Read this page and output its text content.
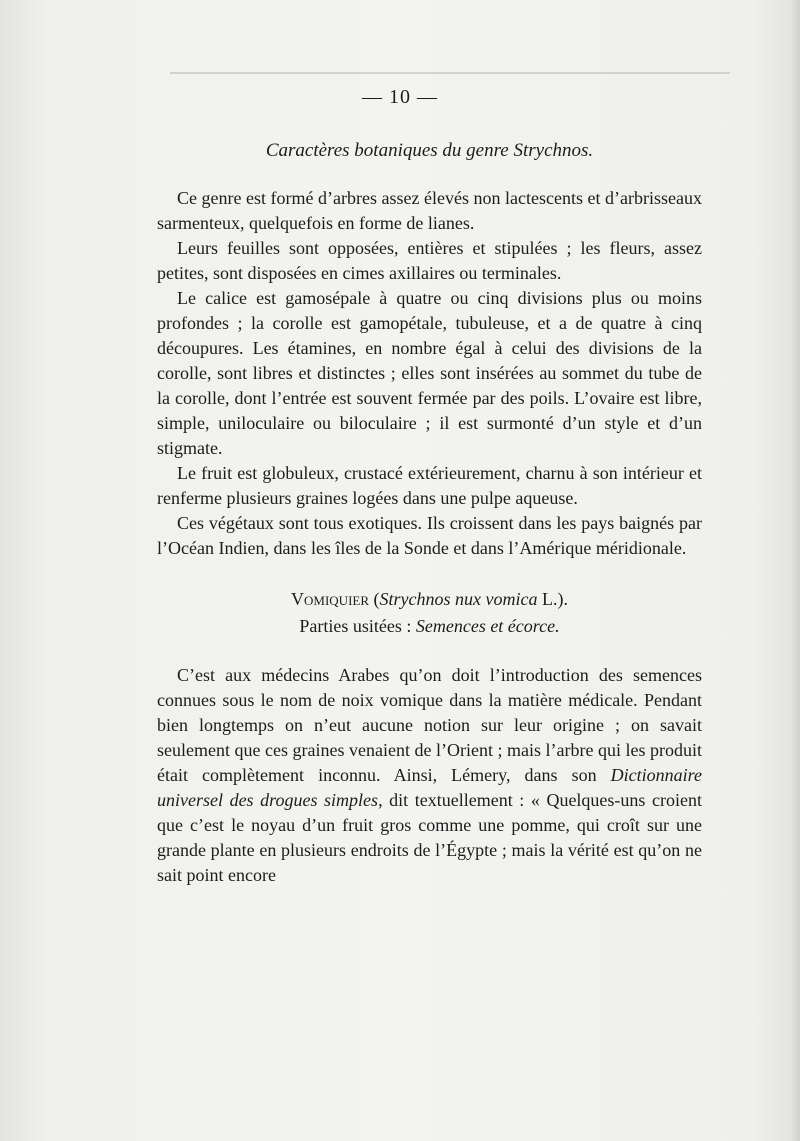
— 10 —
Caractères botaniques du genre Strychnos.

Ce genre est formé d’arbres assez élevés non lactescents et d’arbrisseaux sarmenteux, quelquefois en forme de lianes.

Leurs feuilles sont opposées, entières et stipulées ; les fleurs, assez petites, sont disposées en cimes axillaires ou terminales.

Le calice est gamosépale à quatre ou cinq divisions plus ou moins profondes ; la corolle est gamopétale, tubuleuse, et a de quatre à cinq découpures. Les étamines, en nombre égal à celui des divisions de la corolle, sont libres et distinctes ; elles sont insérées au sommet du tube de la corolle, dont l’entrée est souvent fermée par des poils. L’ovaire est libre, simple, uniloculaire ou biloculaire ; il est surmonté d’un style et d’un stigmate.

Le fruit est globuleux, crustacé extérieurement, charnu à son intérieur et renferme plusieurs graines logées dans une pulpe aqueuse.

Ces végétaux sont tous exotiques. Ils croissent dans les pays baignés par l’Océan Indien, dans les îles de la Sonde et dans l’Amérique méridionale.

Vomiquier (Strychnos nux vomica L.).
Parties usitées : Semences et écorce.

C’est aux médecins Arabes qu’on doit l’introduction des semences connues sous le nom de noix vomique dans la matière médicale. Pendant bien longtemps on n’eut aucune notion sur leur origine ; on savait seulement que ces graines venaient de l’Orient ; mais l’arbre qui les produit était complètement inconnu. Ainsi, Lémery, dans son Dictionnaire universel des drogues simples, dit textuellement : « Quelques-uns croient que c’est le noyau d’un fruit gros comme une pomme, qui croît sur une grande plante en plusieurs endroits de l’Égypte ; mais la vérité est qu’on ne sait point encore
